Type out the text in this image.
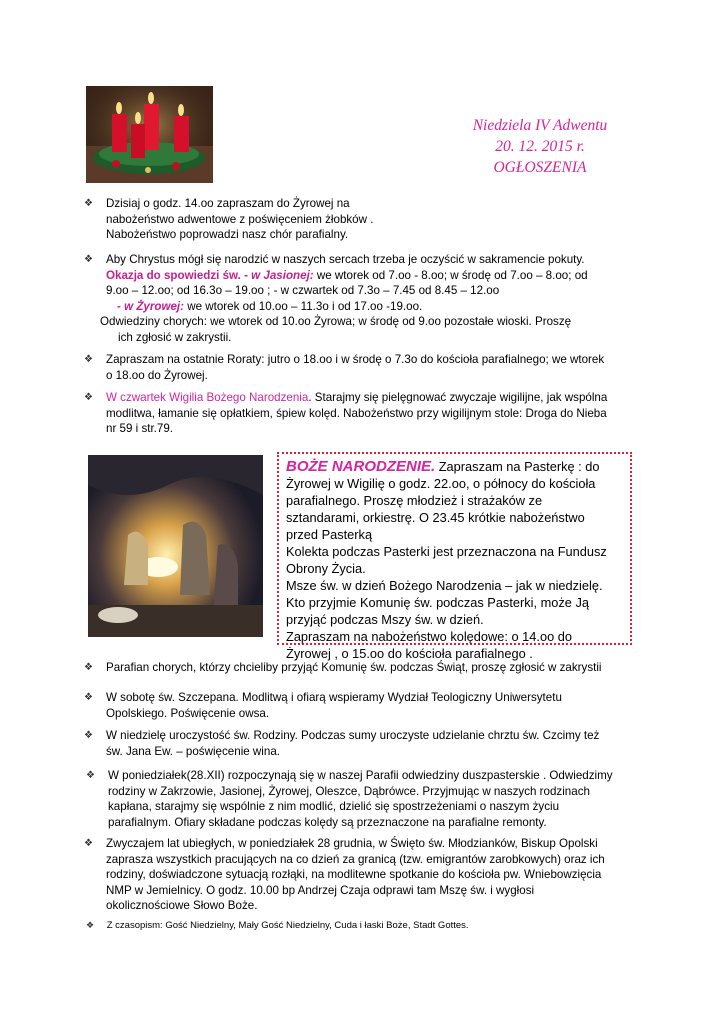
Niedziela IV Adwentu
20. 12. 2015 r.
OGŁOSZENIA
❖ Dzisiaj o godz. 14.oo zapraszam do Żyrowej na
nabożeństwo adwentowe z poświęceniem żłobków .
Nabożeństwo poprowadzi nasz chór parafialny.
❖ Aby Chrystus mógł się narodzić w naszych sercach trzeba je oczyścić w sakramencie pokuty.
Okazja do spowiedzi św. - w Jasionej: we wtorek od 7.oo - 8.oo; w środę od 7.oo – 8.oo; od
9.oo – 12.oo; od 16.3o – 19.oo ; - w czwartek od 7.3o – 7.45 od 8.45 – 12.oo
- w Żyrowej: we wtorek od 10.oo – 11.3o i od 17.oo -19.oo.
Odwiedziny chorych: we wtorek od 10.oo Żyrowa; w środę od 9.oo pozostałe wioski. Proszę
ich zgłosić w zakrystii.
❖ Zapraszam na ostatnie Roraty: jutro o 18.oo i w środę o 7.3o do kościoła parafialnego; we wtorek
o 18.oo do Żyrowej.
❖ W czwartek Wigilia Bożego Narodzenia. Starajmy się pielęgnować zwyczaje wigilijne, jak wspólna
modlitwa, łamanie się opłatkiem, śpiew kolęd. Nabożeństwo przy wigilijnym stole: Droga do Nieba
nr 59 i str.79.
BOŻE NARODZENIE. Zapraszam na Pasterkę : do
Żyrowej w Wigilię o godz. 22.oo, o północy do kościoła
parafialnego. Proszę młodzież i strażaków ze
sztandarami, orkiestrę. O 23.45 krótkie nabożeństwo
przed Pasterką
Kolekta podczas Pasterki jest przeznaczona na Fundusz
Obrony Życia.
Msze św. w dzień Bożego Narodzenia – jak w niedzielę.
Kto przyjmie Komunię św. podczas Pasterki, może Ją
przyjąć podczas Mszy św. w dzień.
Zapraszam na nabożeństwo kolędowe: o 14.oo do
Żyrowej , o 15.oo do kościoła parafialnego .
❖ Parafian chorych, którzy chcieliby przyjąć Komunię św. podczas Świąt, proszę zgłosić w zakrystii
❖ W sobotę św. Szczepana. Modlitwą i ofiarą wspieramy Wydział Teologiczny Uniwersytetu
Opolskiego. Poświęcenie owsa.
❖ W niedzielę uroczystość św. Rodziny. Podczas sumy uroczyste udzielanie chrztu św. Czcimy też
św. Jana Ew. – poświęcenie wina.
❖ W poniedziałek(28.XII) rozpoczynają się w naszej Parafii odwiedziny duszpasterskie . Odwiedzimy
rodziny w Zakrzowie, Jasionej, Żyrowej, Oleszce, Dąbrówce. Przyjmując w naszych rodzinach
kapłana, starajmy się wspólnie z nim modlić, dzielić się spostrzeżeniami o naszym życiu
parafialnym. Ofiary składane podczas kolędy są przeznaczone na parafialne remonty.
❖ Zwyczajem lat ubiegłych, w poniedziałek 28 grudnia, w Święto św. Młodzianków, Biskup Opolski
zaprasza wszystkich pracujących na co dzień za granicą (tzw. emigrantów zarobkowych) oraz ich
rodziny, doświadczone sytuacją rozłąki, na modlitewne spotkanie do kościoła pw. Wniebowzięcia
NMP w Jemielnicy. O godz. 10.00 bp Andrzej Czaja odprawi tam Mszę św. i wygłosi
okolicznościowe Słowo Boże.
❖ Z czasopism: Gość Niedzielny, Mały Gość Niedzielny, Cuda i łaski Boże, Stadt Gottes.
